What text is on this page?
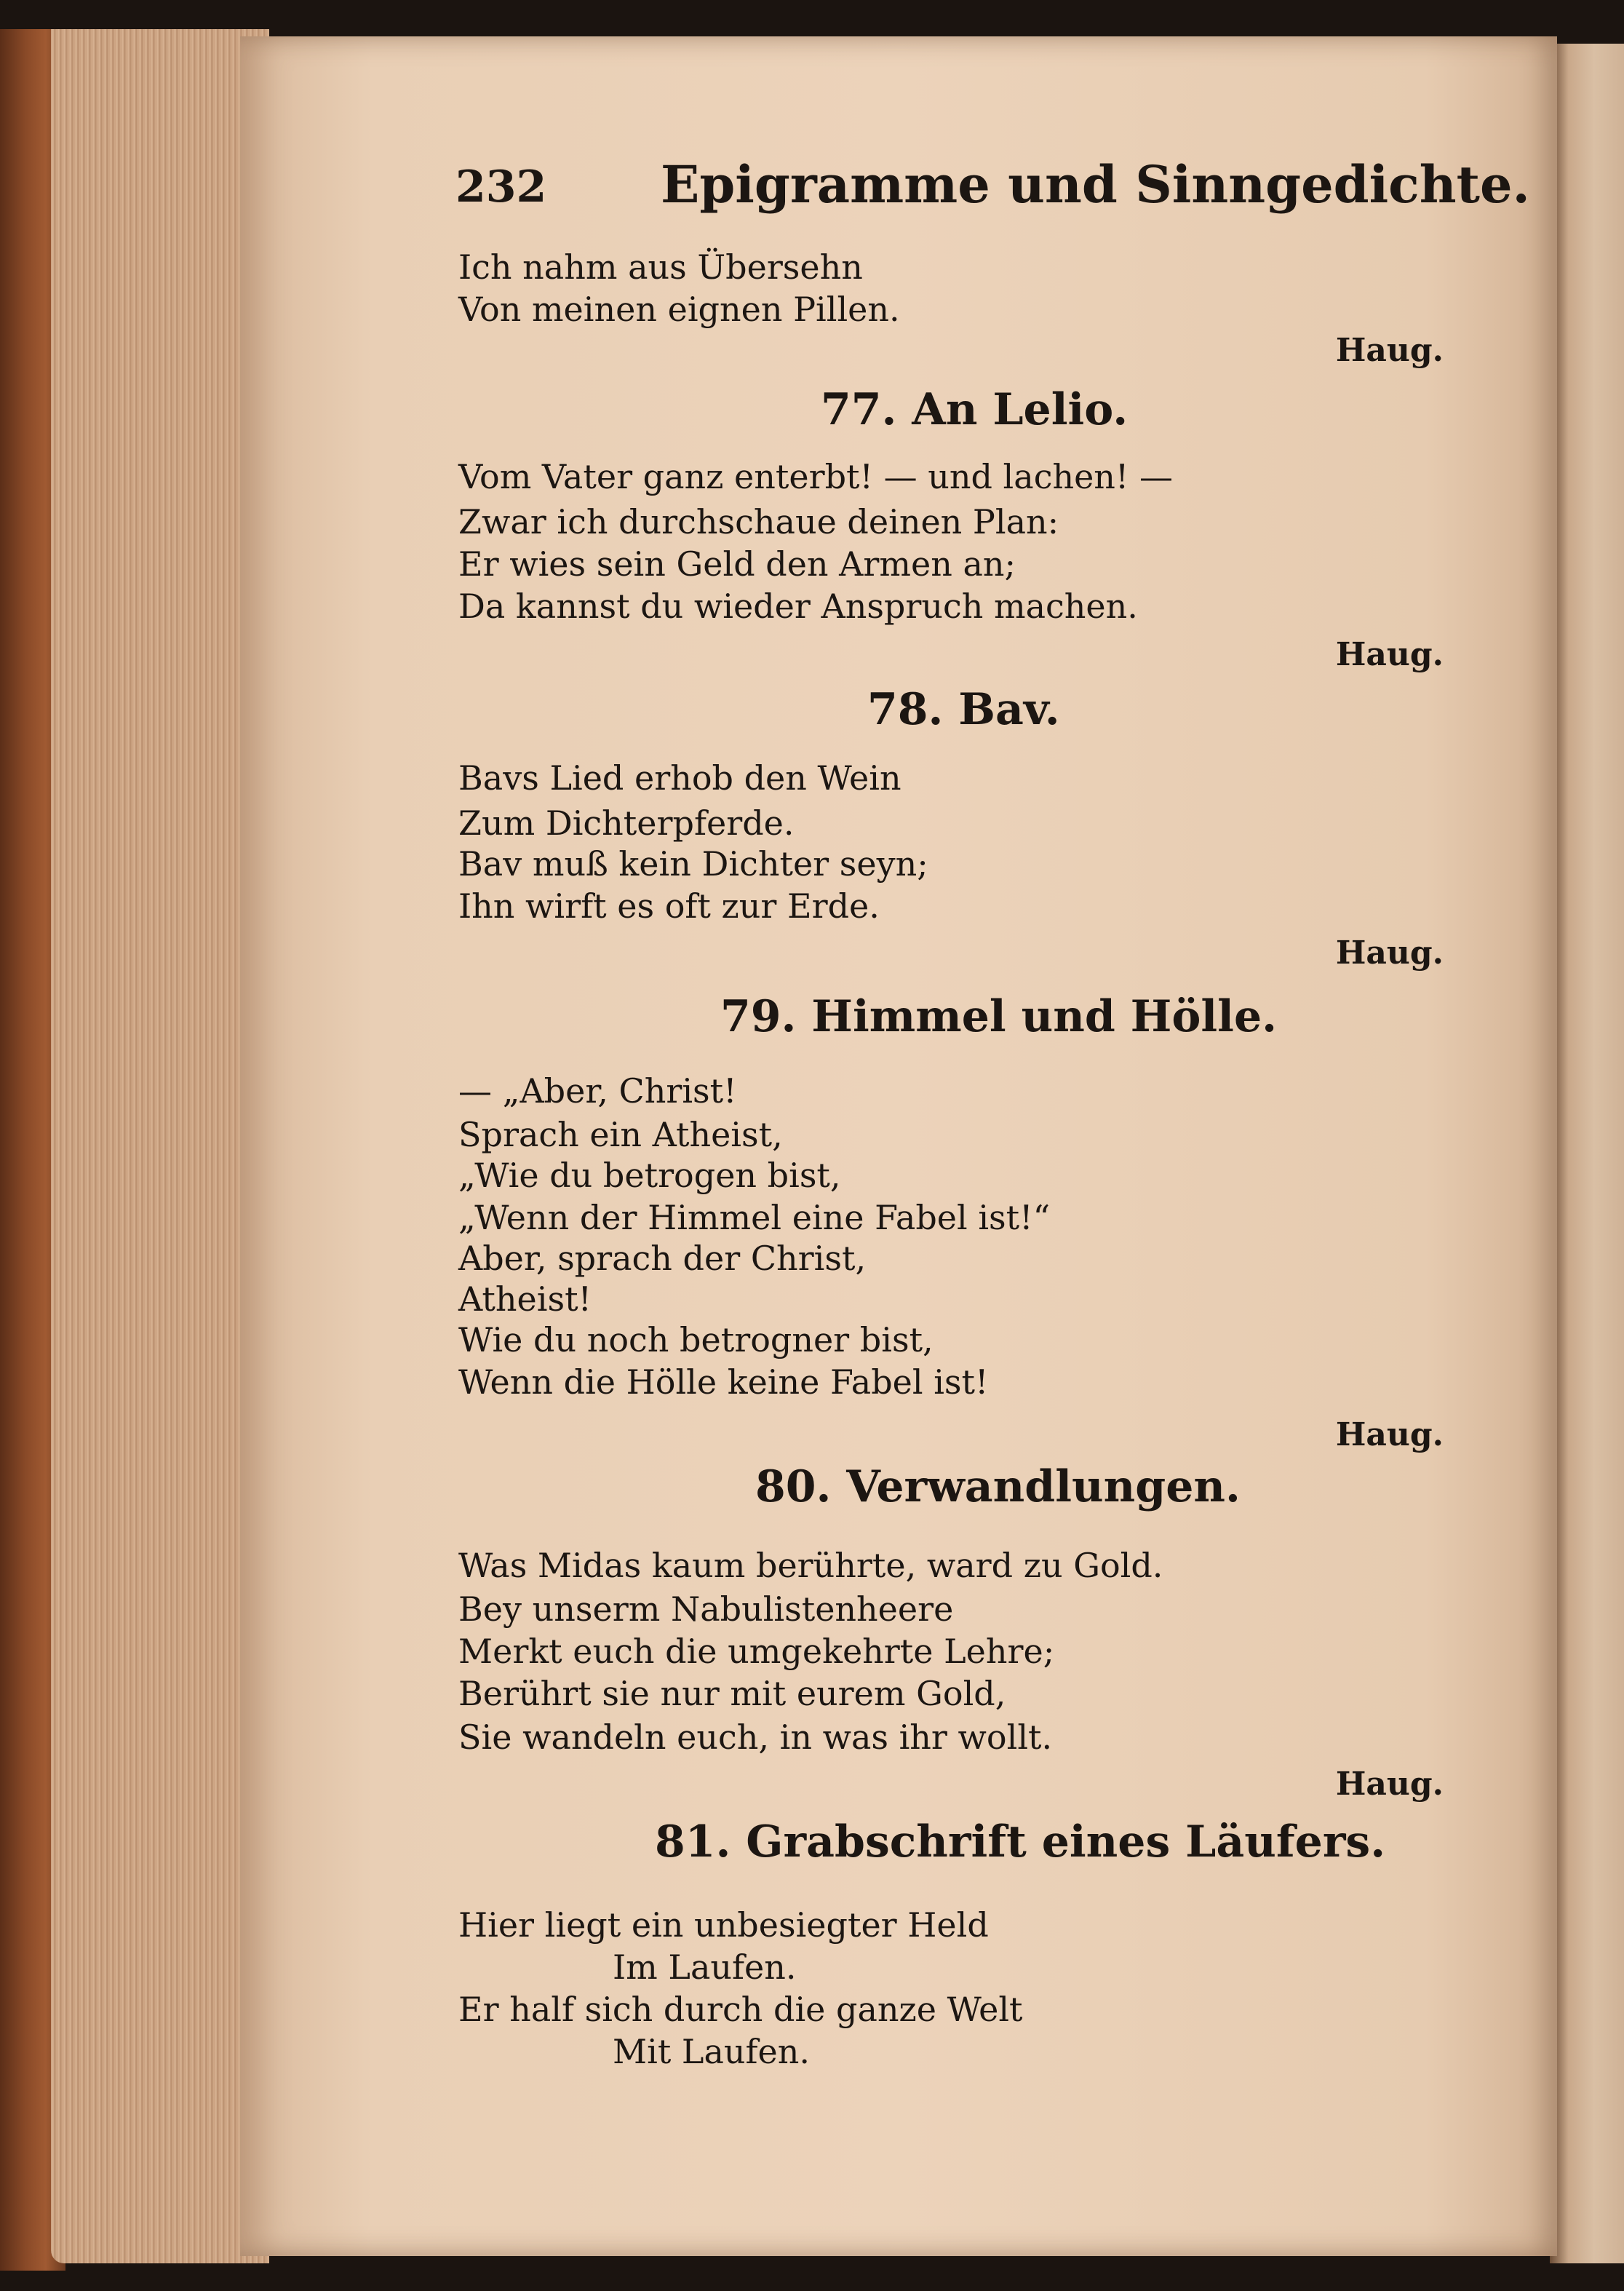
232 Epigramme und Sinngedichte.
Ich nahm aus Übersehn
Von meinen eignen Pillen.
Haug.
77. An Lelio.
Vom Vater ganz enterbt! — und lachen! —
Zwar ich durchschaue deinen Plan:
Er wies sein Geld den Armen an;
Da kannst du wieder Anspruch machen.
Haug.
78. Bav.
Bavs Lied erhob den Wein
Zum Dichterpferde.
Bav muß kein Dichter seyn;
Ihn wirft es oft zur Erde.
Haug.
79. Himmel und Hölle.
— „Aber, Christ!
Sprach ein Atheist,
„Wie du betrogen bist,
„Wenn der Himmel eine Fabel ist!“
Aber, sprach der Christ,
Atheist!
Wie du noch betrogner bist,
Wenn die Hölle keine Fabel ist!
Haug.
80. Verwandlungen.
Was Midas kaum berührte, ward zu Gold.
Bey unserm Nabulistenheere
Merkt euch die umgekehrte Lehre;
Berührt sie nur mit eurem Gold,
Sie wandeln euch, in was ihr wollt.
Haug.
81. Grabschrift eines Läufers.
Hier liegt ein unbesiegter Held
Im Laufen.
Er half sich durch die ganze Welt
Mit Laufen.
